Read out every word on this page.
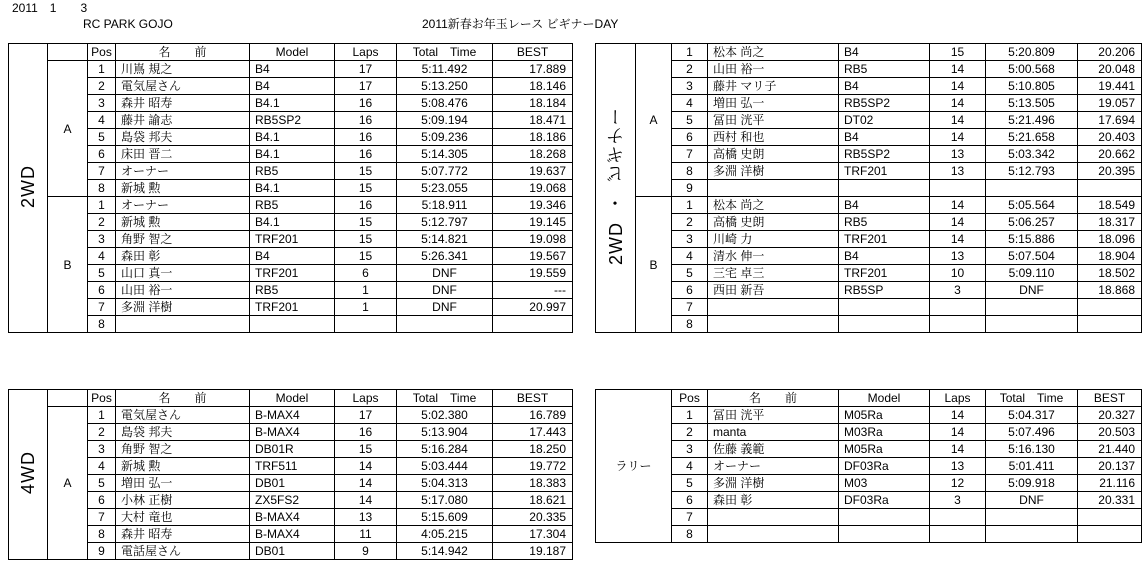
2011　1　　3
RC PARK GOJO	2011新春お年玉レース ビギナーDAY
2WD		Pos	名　　前	Model	Laps	Total　Time	BEST
	A	1	川嶌 規之	B4	17	5:11.492	17.889
		2	電気屋さん	B4	17	5:13.250	18.146
		3	森井 昭寿	B4.1	16	5:08.476	18.184
		4	藤井 諭志	RB5SP2	16	5:09.194	18.471
		5	島袋 邦夫	B4.1	16	5:09.236	18.186
		6	床田 晋二	B4.1	16	5:14.305	18.268
		7	オーナー	RB5	15	5:07.772	19.637
		8	新城 勲	B4.1	15	5:23.055	19.068
	B	1	オーナー	RB5	16	5:18.911	19.346
		2	新城 勲	B4.1	15	5:12.797	19.145
		3	角野 智之	TRF201	15	5:14.821	19.098
		4	森田 彰	B4	15	5:26.341	19.567
		5	山口 真一	TRF201	6	DNF	19.559
		6	山田 裕一	RB5	1	DNF	---
		7	多淵 洋樹	TRF201	1	DNF	20.997
		8					
2WD・ビギナー	A	1	松本 尚之	B4	15	5:20.809	20.206
		2	山田 裕一	RB5	14	5:00.568	20.048
		3	藤井 マリ子	B4	14	5:10.805	19.441
		4	増田 弘一	RB5SP2	14	5:13.505	19.057
		5	冨田 洸平	DT02	14	5:21.496	17.694
		6	西村 和也	B4	14	5:21.658	20.403
		7	高橋 史朗	RB5SP2	13	5:03.342	20.662
		8	多淵 洋樹	TRF201	13	5:12.793	20.395
		9					
	B	1	松本 尚之	B4	14	5:05.564	18.549
		2	高橋 史朗	RB5	14	5:06.257	18.317
		3	川崎 力	TRF201	14	5:15.886	18.096
		4	清水 伸一	B4	13	5:07.504	18.904
		5	三宅 卓三	TRF201	10	5:09.110	18.502
		6	西田 新吾	RB5SP	3	DNF	18.868
		7					
		8					
4WD		Pos	名　　前	Model	Laps	Total　Time	BEST
	A	1	電気屋さん	B-MAX4	17	5:02.380	16.789
		2	島袋 邦夫	B-MAX4	16	5:13.904	17.443
		3	角野 智之	DB01R	15	5:16.284	18.250
		4	新城 勲	TRF511	14	5:03.444	19.772
		5	増田 弘一	DB01	14	5:04.313	18.383
		6	小林 正樹	ZX5FS2	14	5:17.080	18.621
		7	大村 竜也	B-MAX4	13	5:15.609	20.335
		8	森井 昭寿	B-MAX4	11	4:05.215	17.304
		9	電話屋さん	DB01	9	5:14.942	19.187
ラリー	Pos	名　　前	Model	Laps	Total　Time	BEST
	1	冨田 洸平	M05Ra	14	5:04.317	20.327
	2	manta	M03Ra	14	5:07.496	20.503
	3	佐藤 義範	M05Ra	14	5:16.130	21.440
	4	オーナー	DF03Ra	13	5:01.411	20.137
	5	多淵 洋樹	M03	12	5:09.918	21.116
	6	森田 彰	DF03Ra	3	DNF	20.331
	7					
	8					
